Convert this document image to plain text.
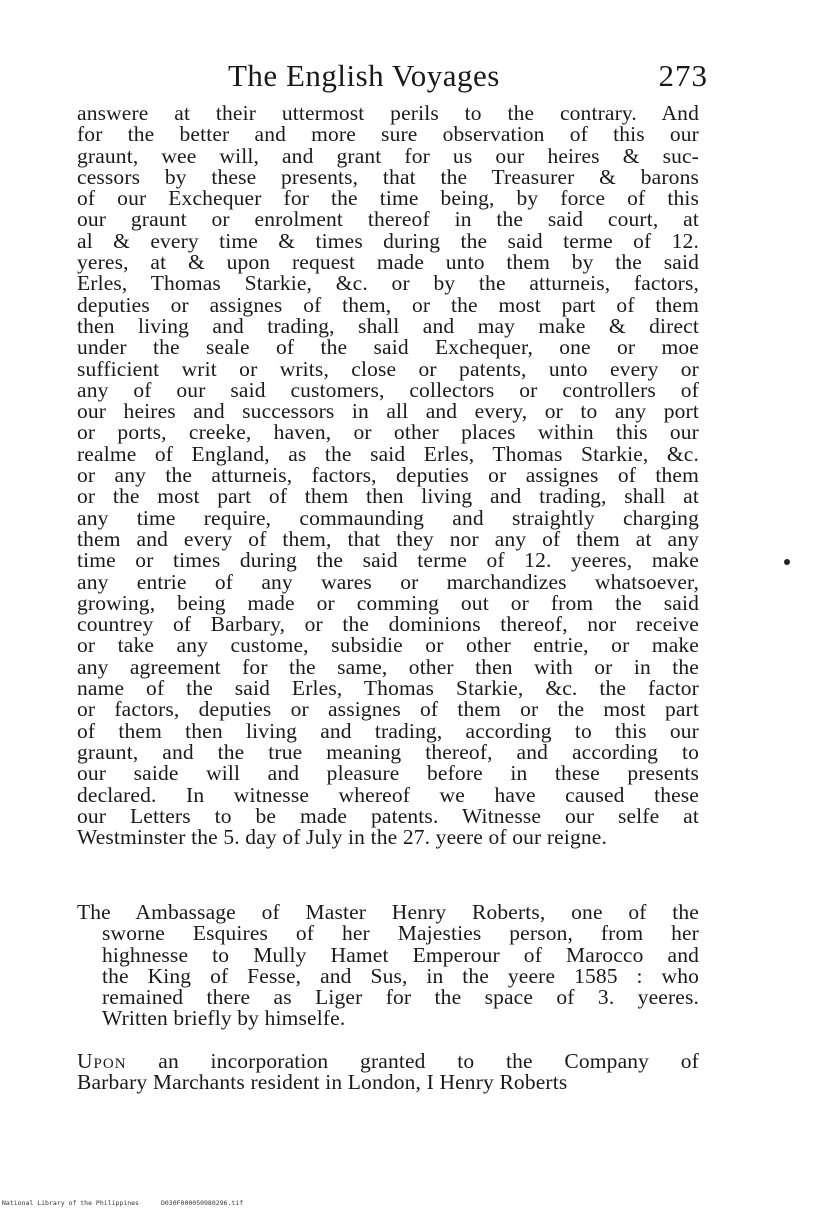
The English Voyages	273
answere at their uttermost perils to the contrary. And
for the better and more sure observation of this our
graunt, wee will, and grant for us our heires & suc-
cessors by these presents, that the Treasurer & barons
of our Exchequer for the time being, by force of this
our graunt or enrolment thereof in the said court, at
al & every time & times during the said terme of 12.
yeres, at & upon request made unto them by the said
Erles, Thomas Starkie, &c. or by the atturneis, factors,
deputies or assignes of them, or the most part of them
then living and trading, shall and may make & direct
under the seale of the said Exchequer, one or moe
sufficient writ or writs, close or patents, unto every or
any of our said customers, collectors or controllers of
our heires and successors in all and every, or to any port
or ports, creeke, haven, or other places within this our
realme of England, as the said Erles, Thomas Starkie, &c.
or any the atturneis, factors, deputies or assignes of them
or the most part of them then living and trading, shall at
any time require, commaunding and straightly charging
them and every of them, that they nor any of them at any
time or times during the said terme of 12. yeeres, make
any entrie of any wares or marchandizes whatsoever,
growing, being made or comming out or from the said
countrey of Barbary, or the dominions thereof, nor receive
or take any custome, subsidie or other entrie, or make
any agreement for the same, other then with or in the
name of the said Erles, Thomas Starkie, &c. the factor
or factors, deputies or assignes of them or the most part
of them then living and trading, according to this our
graunt, and the true meaning thereof, and according to
our saide will and pleasure before in these presents
declared. In witnesse whereof we have caused these
our Letters to be made patents. Witnesse our selfe at
Westminster the 5. day of July in the 27. yeere of our reigne.
The Ambassage of Master Henry Roberts, one of the
sworne Esquires of her Majesties person, from her
highnesse to Mully Hamet Emperour of Marocco and
the King of Fesse, and Sus, in the yeere 1585 : who
remained there as Liger for the space of 3. yeeres.
Written briefly by himselfe.
Upon an incorporation granted to the Company of
Barbary Marchants resident in London, I Henry Roberts
National Library of the Philippines	D030F000050980296.tif
